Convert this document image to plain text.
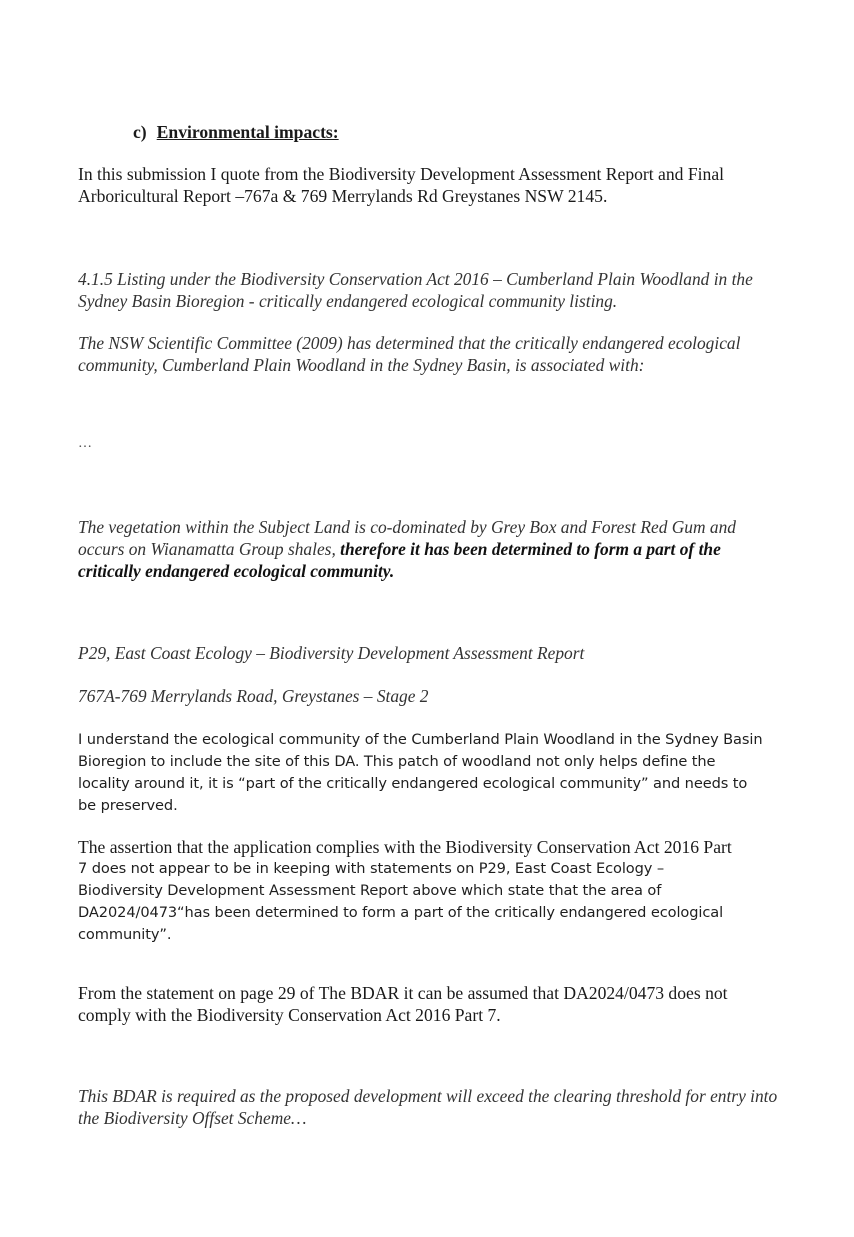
c) Environmental impacts:

In this submission I quote from the Biodiversity Development Assessment Report and Final Arboricultural Report –767a & 769 Merrylands Rd Greystanes NSW 2145.

4.1.5 Listing under the Biodiversity Conservation Act 2016 – Cumberland Plain Woodland in the Sydney Basin Bioregion - critically endangered ecological community listing.

The NSW Scientific Committee (2009) has determined that the critically endangered ecological community, Cumberland Plain Woodland in the Sydney Basin, is associated with:

…

The vegetation within the Subject Land is co-dominated by Grey Box and Forest Red Gum and occurs on Wianamatta Group shales, therefore it has been determined to form a part of the critically endangered ecological community.

P29, East Coast Ecology – Biodiversity Development Assessment Report

767A-769 Merrylands Road, Greystanes – Stage 2

I understand the ecological community of the Cumberland Plain Woodland in the Sydney Basin Bioregion to include the site of this DA. This patch of woodland not only helps define the locality around it, it is “part of the critically endangered ecological community” and needs to be preserved.

The assertion that the application complies with the Biodiversity Conservation Act 2016 Part
7 does not appear to be in keeping with statements on P29, East Coast Ecology – Biodiversity Development Assessment Report above which state that the area of DA2024/0473“has been determined to form a part of the critically endangered ecological community”.

From the statement on page 29 of The BDAR it can be assumed that DA2024/0473 does not comply with the Biodiversity Conservation Act 2016 Part 7.

This BDAR is required as the proposed development will exceed the clearing threshold for entry into the Biodiversity Offset Scheme…
